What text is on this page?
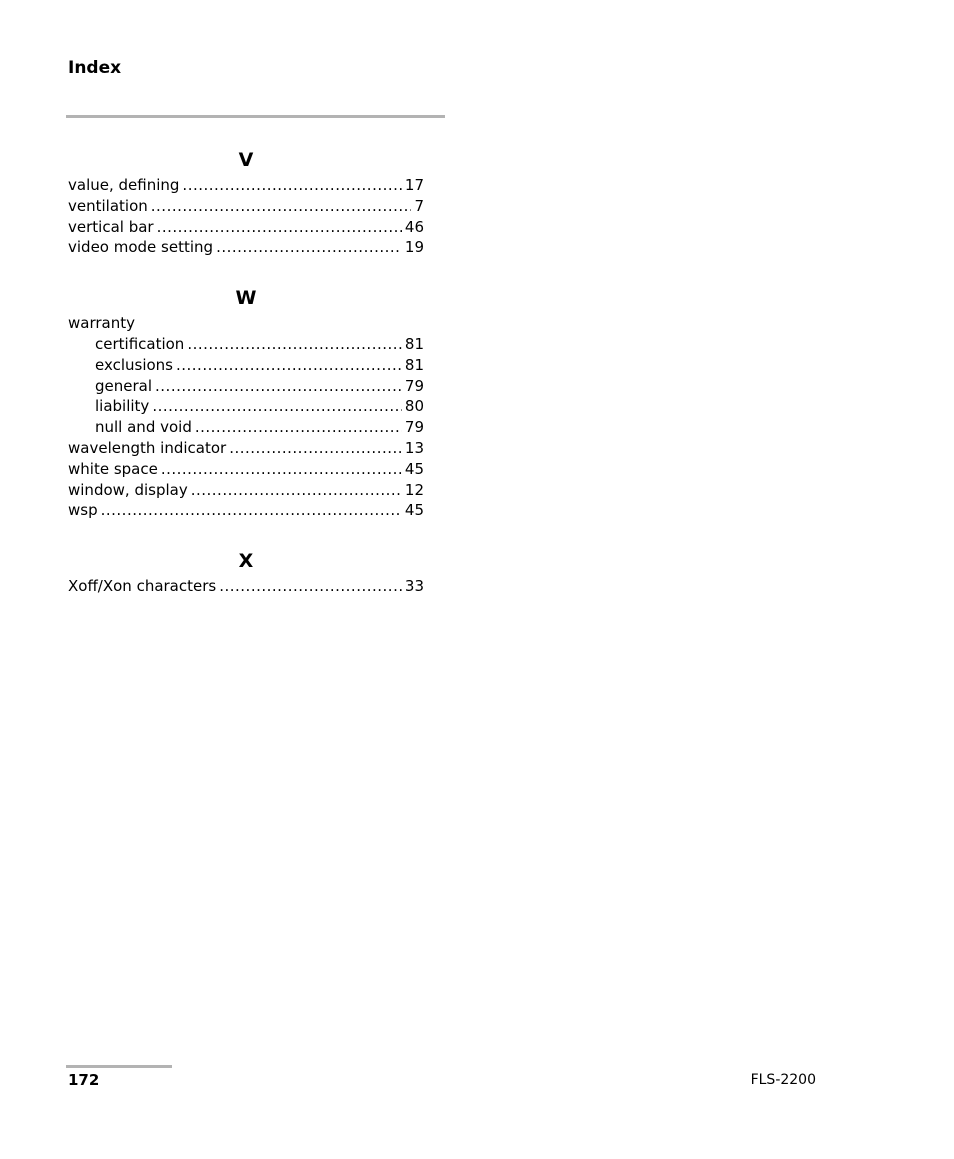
Index
V
value, defining .....	17
ventilation .....	7
vertical bar .....	46
video mode setting .....	19
W
warranty
certification .....	81
exclusions .....	81
general .....	79
liability .....	80
null and void .....	79
wavelength indicator .....	13
white space .....	45
window, display .....	12
wsp .....	45
X
Xoff/Xon characters .....	33
172	FLS-2200
